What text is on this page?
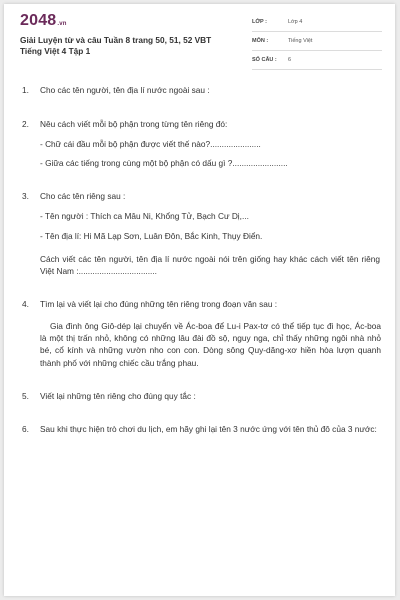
2048.vn
Giải Luyện từ và câu Tuần 8 trang 50, 51, 52 VBT Tiếng Việt 4 Tập 1
LỚP :	Lớp 4
MÔN :	Tiếng Việt
SỐ CÂU : 6
1. Cho các tên người, tên địa lí nước ngoài sau :
2. Nêu cách viết mỗi bộ phận trong từng tên riêng đó:
- Chữ cái đầu mỗi bộ phận được viết thế nào?......................
- Giữa các tiếng trong cùng một bộ phận có dấu gì ?........................
3. Cho các tên riêng sau :
- Tên người : Thích ca Mâu Ni, Khổng Tử, Bạch Cư Dị,...
- Tên địa lí: Hi Mã Lạp Sơn, Luân Đôn, Bắc Kinh, Thụy Điển.
Cách viết các tên người, tên địa lí nước ngoài nói trên giống hay khác cách viết tên riêng Việt Nam :..................................
4. Tìm lại và viết lại cho đúng những tên riêng trong đoạn văn sau :
Gia đình ông Giô-dép lại chuyển về Ác-boa để Lu-i Pax-tơ có thể tiếp tục đi học, Ác-boa là một thị trấn nhỏ, không có những lâu đài đồ sộ, nguy nga, chỉ thấy những ngôi nhà nhỏ bé, cổ kính và những vườn nho con con. Dòng sông Quy-dăng-xơ hiền hòa lượn quanh thành phố với những chiếc cầu trắng phau.
5. Viết lại những tên riêng cho đúng quy tắc :
6. Sau khi thực hiện trò chơi du lịch, em hãy ghi lại tên 3 nước ứng với tên thủ đô của 3 nước:
